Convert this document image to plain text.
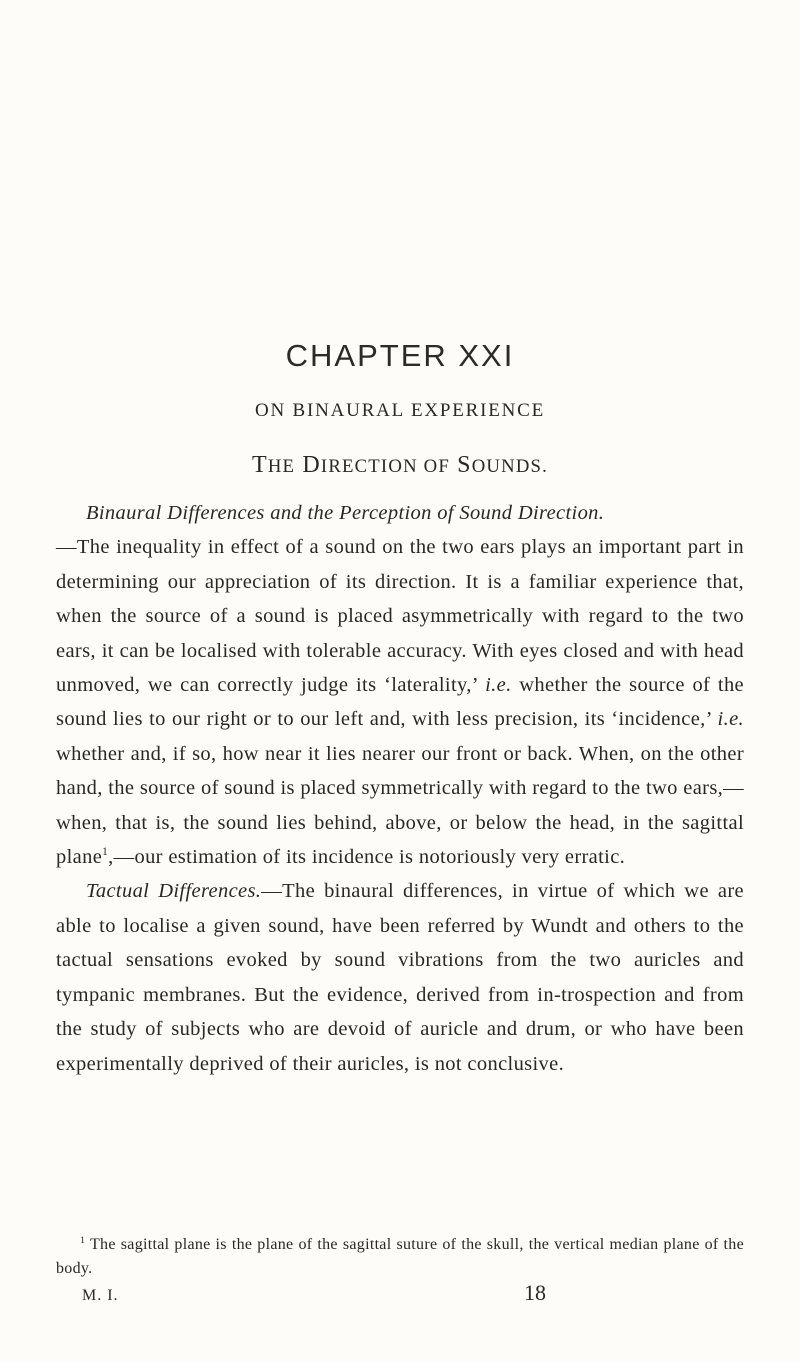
CHAPTER XXI
ON BINAURAL EXPERIENCE
THE DIRECTION OF SOUNDS.

Binaural Differences and the Perception of Sound Direction.
—The inequality in effect of a sound on the two ears plays an important part in determining our appreciation of its direction. It is a familiar experience that, when the source of a sound is placed asymmetrically with regard to the two ears, it can be localised with tolerable accuracy. With eyes closed and with head unmoved, we can correctly judge its ‘laterality,’ i.e. whether the source of the sound lies to our right or to our left and, with less precision, its ‘incidence,’ i.e. whether and, if so, how near it lies nearer our front or back. When, on the other hand, the source of sound is placed symmetrically with regard to the two ears,—when, that is, the sound lies behind, above, or below the head, in the sagittal plane$^1$,—our estimation of its incidence is notoriously very erratic.

Tactual Differences.—The binaural differences, in virtue of which we are able to localise a given sound, have been referred by Wundt and others to the tactual sensations evoked by sound vibrations from the two auricles and tympanic membranes. But the evidence, derived from in-trospection and from the study of subjects who are devoid of auricle and drum, or who have been experimentally deprived of their auricles, is not conclusive.

$^1$ The sagittal plane is the plane of the sagittal suture of the skull, the vertical median plane of the body.
M. I.	18
